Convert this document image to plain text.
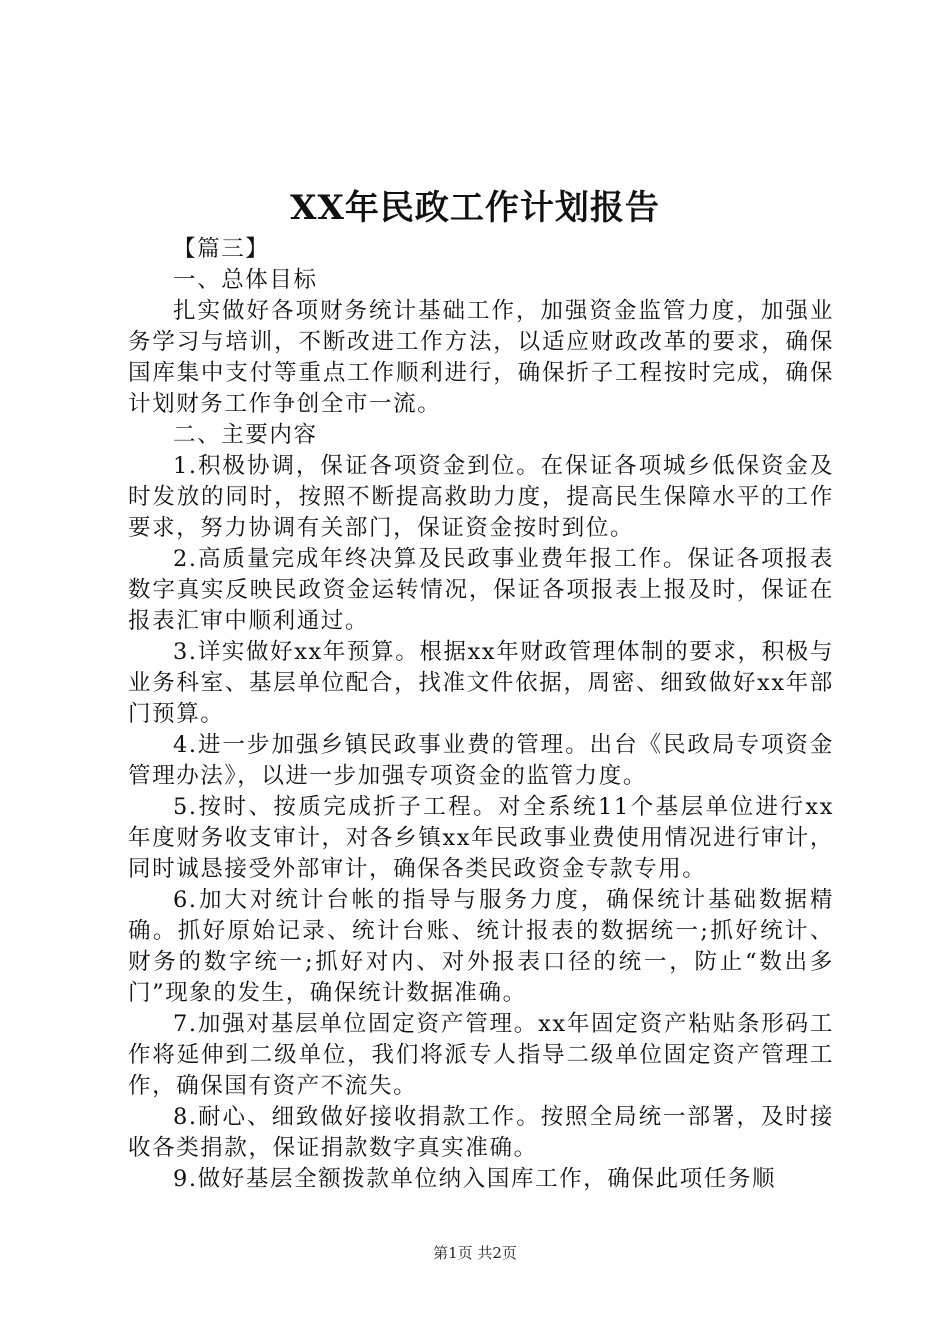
XX年民政工作计划报告

【篇三】

一、总体目标

扎实做好各项财务统计基础工作，加强资金监管力度，加强业务学习与培训，不断改进工作方法，以适应财政改革的要求，确保国库集中支付等重点工作顺利进行，确保折子工程按时完成，确保计划财务工作争创全市一流。

二、主要内容

1.积极协调，保证各项资金到位。在保证各项城乡低保资金及时发放的同时，按照不断提高救助力度，提高民生保障水平的工作要求，努力协调有关部门，保证资金按时到位。

2.高质量完成年终决算及民政事业费年报工作。保证各项报表数字真实反映民政资金运转情况，保证各项报表上报及时，保证在报表汇审中顺利通过。

3.详实做好xx年预算。根据xx年财政管理体制的要求，积极与业务科室、基层单位配合，找准文件依据，周密、细致做好xx年部门预算。

4.进一步加强乡镇民政事业费的管理。出台《民政局专项资金管理办法》，以进一步加强专项资金的监管力度。

5.按时、按质完成折子工程。对全系统11个基层单位进行xx年度财务收支审计，对各乡镇xx年民政事业费使用情况进行审计，同时诚恳接受外部审计，确保各类民政资金专款专用。

6.加大对统计台帐的指导与服务力度，确保统计基础数据精确。抓好原始记录、统计台账、统计报表的数据统一;抓好统计、财务的数字统一;抓好对内、对外报表口径的统一，防止“数出多门”现象的发生，确保统计数据准确。

7.加强对基层单位固定资产管理。xx年固定资产粘贴条形码工作将延伸到二级单位，我们将派专人指导二级单位固定资产管理工作，确保国有资产不流失。

8.耐心、细致做好接收捐款工作。按照全局统一部署，及时接收各类捐款，保证捐款数字真实准确。

9.做好基层全额拨款单位纳入国库工作，确保此项任务顺

第1页 共2页
